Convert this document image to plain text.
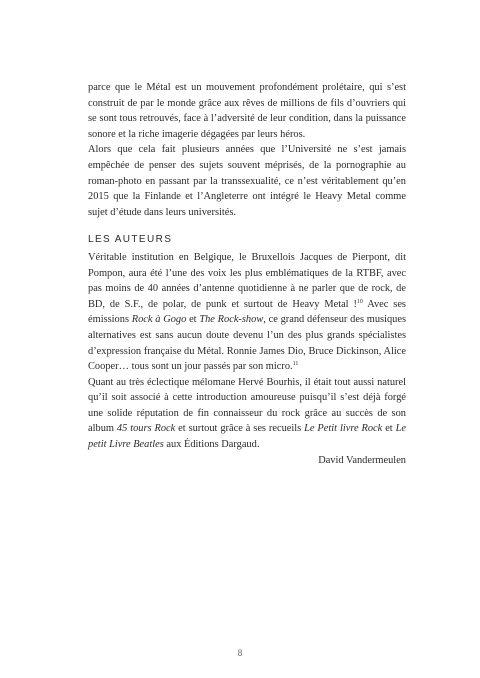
parce que le Métal est un mouvement profondément prolétaire, qui s’est construit de par le monde grâce aux rêves de millions de fils d’ouvriers qui se sont tous retrouvés, face à l’adversité de leur condition, dans la puissance sonore et la riche imagerie dégagées par leurs héros.

Alors que cela fait plusieurs années que l’Université ne s’est jamais empêchée de penser des sujets souvent méprisés, de la pornographie au roman-photo en passant par la transsexualité, ce n’est véritablement qu’en 2015 que la Finlande et l’Angleterre ont intégré le Heavy Metal comme sujet d’étude dans leurs universités.

LES AUTEURS

Véritable institution en Belgique, le Bruxellois Jacques de Pierpont, dit Pompon, aura été l’une des voix les plus emblématiques de la RTBF, avec pas moins de 40 années d’antenne quotidienne à ne parler que de rock, de BD, de S.F., de polar, de punk et surtout de Heavy Metal !$^{10}$ Avec ses émissions Rock à Gogo et The Rock-show, ce grand défenseur des musiques alternatives est sans aucun doute devenu l’un des plus grands spécialistes d’expression française du Métal. Ronnie James Dio, Bruce Dickinson, Alice Cooper… tous sont un jour passés par son micro.$^{11}$

Quant au très éclectique mélomane Hervé Bourhis, il était tout aussi naturel qu’il soit associé à cette introduction amoureuse puisqu’il s’est déjà forgé une solide réputation de fin connaisseur du rock grâce au succès de son album 45 tours Rock et surtout grâce à ses recueils Le Petit livre Rock et Le petit Livre Beatles aux Éditions Dargaud.

David Vandermeulen

8
